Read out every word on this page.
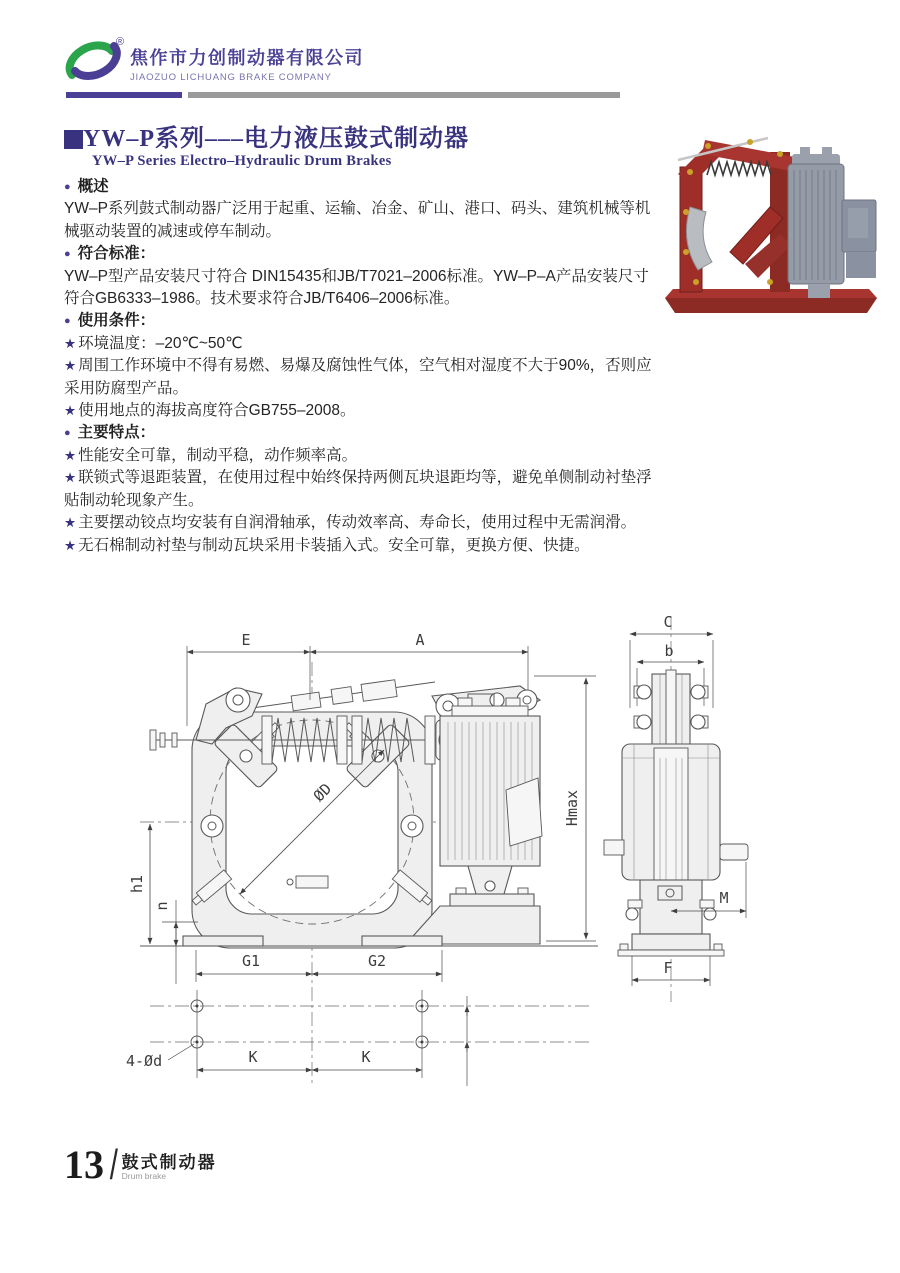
®
焦作市力创制动器有限公司
JIAOZUO LICHUANG BRAKE COMPANY
YW–P系列–––电力液压鼓式制动器
YW–P Series Electro–Hydraulic Drum Brakes
● 概述

YW–P系列鼓式制动器广泛用于起重、运输、冶金、矿山、港口、码头、建筑机械等机械驱动装置的减速或停车制动。

● 符合标准：

YW–P型产品安装尺寸符合 DIN15435和JB/T7021–2006标准。YW–P–A产品安装尺寸符合GB6333–1986。技术要求符合JB/T6406–2006标准。

● 使用条件：

★ 环境温度：–20℃~50℃

★ 周围工作环境中不得有易燃、易爆及腐蚀性气体，空气相对湿度不大于90%，否则应采用防腐型产品。

★ 使用地点的海拔高度符合GB755–2008。

● 主要特点：

★ 性能安全可靠，制动平稳，动作频率高。

★ 联锁式等退距装置，在使用过程中始终保持两侧瓦块退距均等，避免单侧制动衬垫浮贴制动轮现象产生。

★ 主要摆动铰点均安装有自润滑轴承，传动效率高、寿命长，使用过程中无需润滑。

★ 无石棉制动衬垫与制动瓦块采用卡装插入式。安全可靠，更换方便、快捷。

E	A
ØD	Hmax
h1
n
G1	G2
K	K
4-Ød
C
b
M
F
13 / 鼓式制动器
Drum brake
